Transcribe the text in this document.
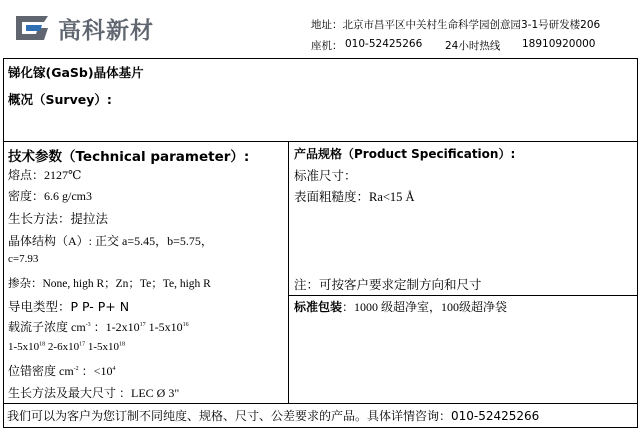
高科新材	地址：北京市昌平区中关村生命科学园创意园3-1号研发楼206
座机： 010-52425266 24小时热线 18910920000
锑化镓(GaSb)晶体基片
概况（Survey）:
技术参数（Technical parameter）:
熔点：2127℃
密度：6.6 g/cm3
生长方法：提拉法
晶体结构（A）: 正交 a=5.45，b=5.75，
c=7.93
掺杂：None, high R；Zn；Te；Te, high R
导电类型：P P- P+ N
载流子浓度 $cm^{-3}$ ：$1-2x10^{17}$ $1-5x10^{16}$
$1-5x10^{18}$ $2-6x10^{17}$ $1-5x10^{18}$
位错密度 $cm^{-2}$ ：$<10^4$
生长方法及最大尺寸 ：LEC Ø 3"
产品规格（Product Specification）:
标准尺寸：
表面粗糙度：Ra<15 Å
注：可按客户要求定制方向和尺寸
标准包装：1000 级超净室，100级超净袋
我们可以为客户为您订制不同纯度、规格、尺寸、公差要求的产品。具体详情咨询：010-52425266
